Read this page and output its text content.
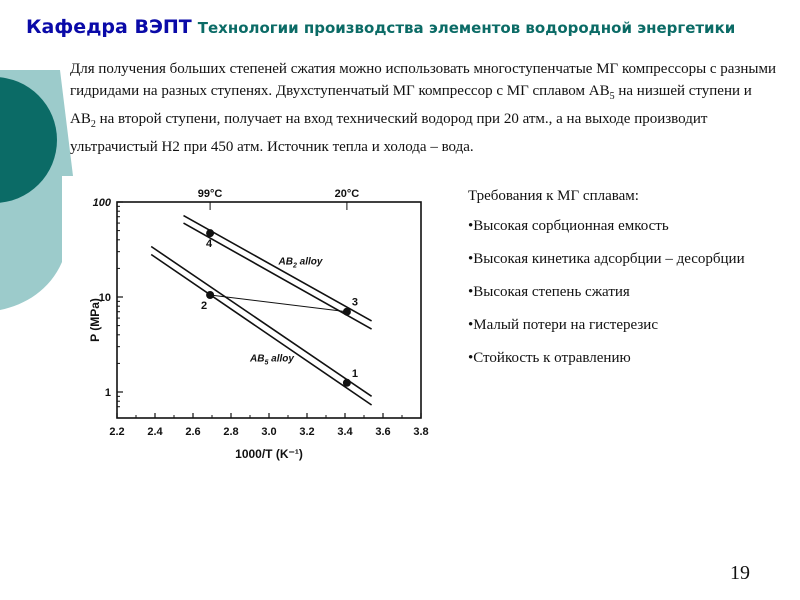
Кафедра ВЭПТ Технологии производства элементов водородной энергетики

Для получения больших степеней сжатия можно использовать многоступенчатые МГ компрессоры с разными гидридами на разных ступенях. Двухступенчатый МГ компрессор с МГ сплавом $AB_5$ на низшей ступени и $AB_2$ на второй ступени, получает на вход технический водород при 20 атм., а на выходе производит ультрачистый Н2 при 450 атм. Источник тепла и холода – вода.

2.2 2.4 2.6 2.8 3.0 3.2 3.4 3.6 3.8
100
10
1
1000/T (K⁻¹)
P (MPa)
99°C	20°C
1
2	3
4
$AB_2$ alloy
$AB_5$ alloy

Требования к МГ сплавам:

•Высокая сорбционная емкость
•Высокая кинетика адсорбции – десорбции
•Высокая степень сжатия
•Малый потери на гистерезис
•Стойкость к отравлению
19
